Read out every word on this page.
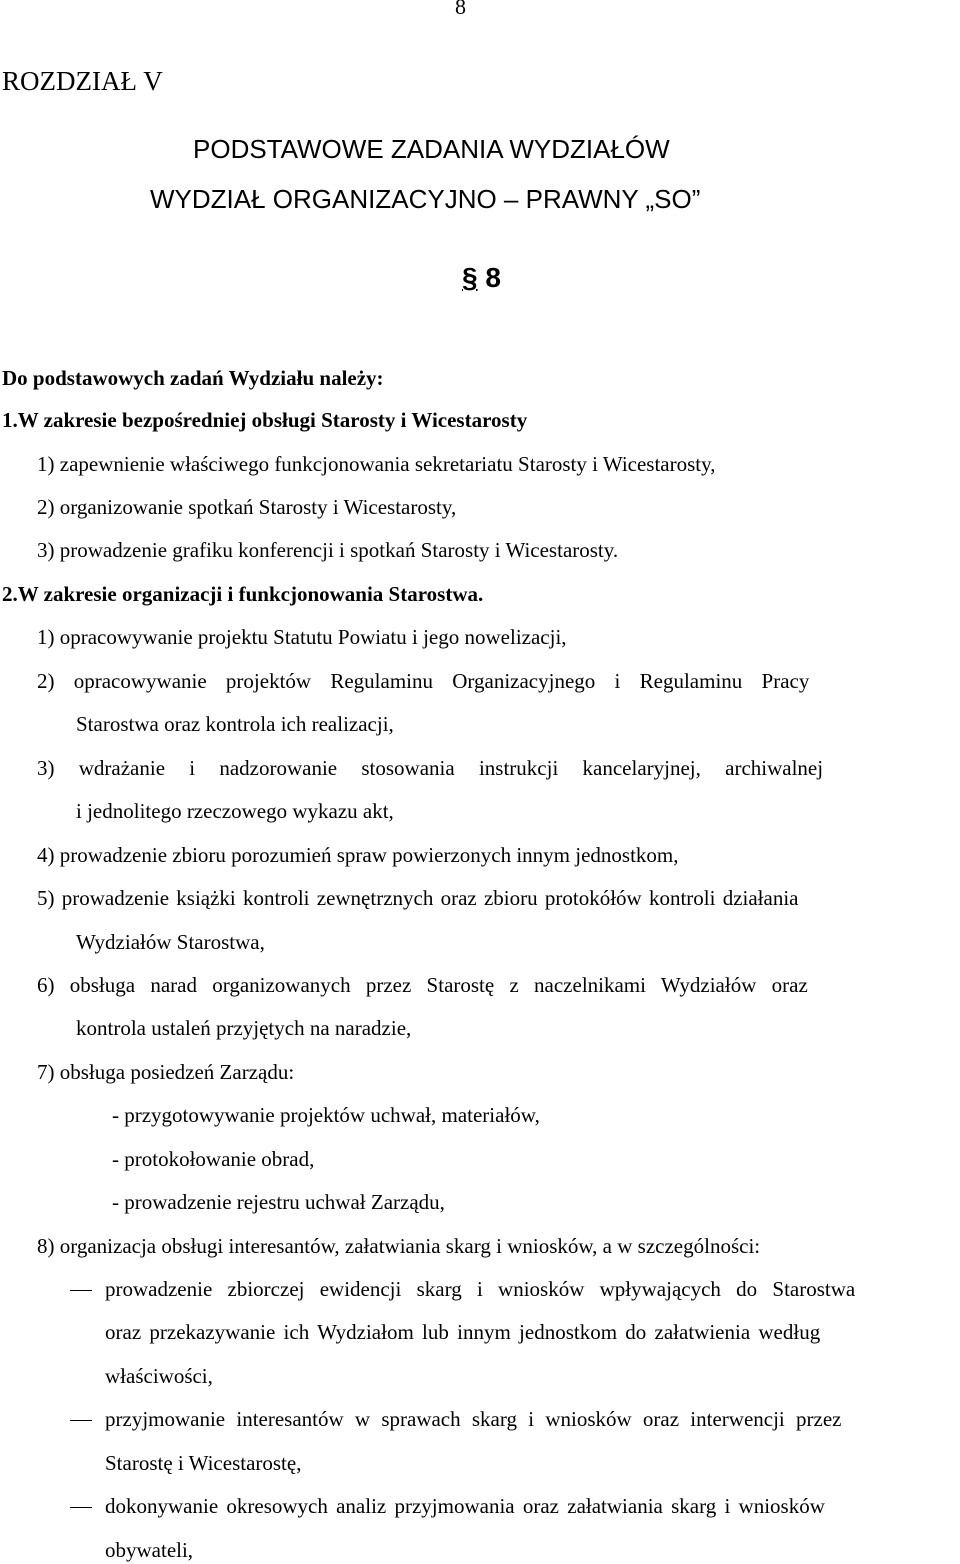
8
ROZDZIAŁ V
PODSTAWOWE ZADANIA WYDZIAŁÓW
WYDZIAŁ ORGANIZACYJNO – PRAWNY „SO”
§ 8
Do podstawowych zadań Wydziału należy:
1.W zakresie bezpośredniej obsługi Starosty i Wicestarosty
1) zapewnienie właściwego funkcjonowania sekretariatu Starosty i Wicestarosty,
2) organizowanie spotkań Starosty i Wicestarosty,
3) prowadzenie grafiku konferencji i spotkań Starosty i Wicestarosty.
2.W zakresie organizacji i funkcjonowania Starostwa.
1) opracowywanie projektu Statutu Powiatu i jego nowelizacji,
2) opracowywanie projektów Regulaminu Organizacyjnego i Regulaminu Pracy
Starostwa oraz kontrola ich realizacji,
3) wdrażanie i nadzorowanie stosowania instrukcji kancelaryjnej, archiwalnej
i jednolitego rzeczowego wykazu akt,
4) prowadzenie zbioru porozumień spraw powierzonych innym jednostkom,
5) prowadzenie książki kontroli zewnętrznych oraz zbioru protokółów kontroli działania
Wydziałów Starostwa,
6) obsługa narad organizowanych przez Starostę z naczelnikami Wydziałów oraz
kontrola ustaleń przyjętych na naradzie,
7) obsługa posiedzeń Zarządu:
- przygotowywanie projektów uchwał, materiałów,
- protokołowanie obrad,
- prowadzenie rejestru uchwał Zarządu,
8) organizacja obsługi interesantów, załatwiania skarg i wniosków, a w szczególności:
prowadzenie zbiorczej ewidencji skarg i wniosków wpływających do Starostwa
oraz przekazywanie ich Wydziałom lub innym jednostkom do załatwienia według
właściwości,
przyjmowanie interesantów w sprawach skarg i wniosków oraz interwencji przez
Starostę i Wicestarostę,
dokonywanie okresowych analiz przyjmowania oraz załatwiania skarg i wniosków
obywateli,
